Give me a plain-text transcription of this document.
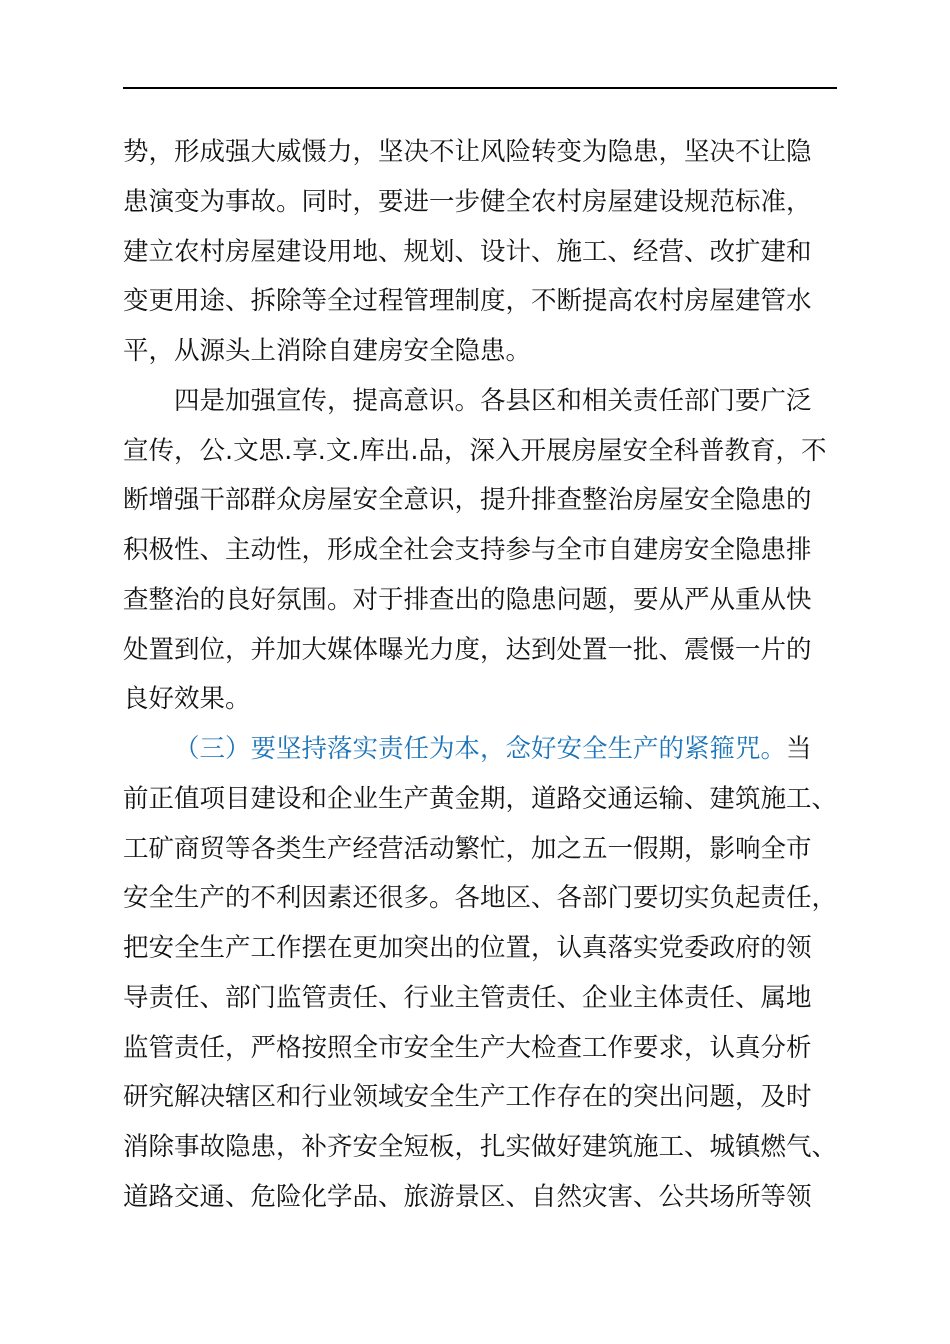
势，形成强大威慑力，坚决不让风险转变为隐患，坚决不让隐
患演变为事故。同时，要进一步健全农村房屋建设规范标准，
建立农村房屋建设用地、规划、设计、施工、经营、改扩建和
变更用途、拆除等全过程管理制度，不断提高农村房屋建管水
平，从源头上消除自建房安全隐患。
四是加强宣传，提高意识。各县区和相关责任部门要广泛
宣传，公.文思.享.文.库出.品，深入开展房屋安全科普教育，不
断增强干部群众房屋安全意识，提升排查整治房屋安全隐患的
积极性、主动性，形成全社会支持参与全市自建房安全隐患排
查整治的良好氛围。对于排查出的隐患问题，要从严从重从快
处置到位，并加大媒体曝光力度，达到处置一批、震慑一片的
良好效果。
（三）要坚持落实责任为本，念好安全生产的紧箍咒。当
前正值项目建设和企业生产黄金期，道路交通运输、建筑施工、
工矿商贸等各类生产经营活动繁忙，加之五一假期，影响全市
安全生产的不利因素还很多。各地区、各部门要切实负起责任，
把安全生产工作摆在更加突出的位置，认真落实党委政府的领
导责任、部门监管责任、行业主管责任、企业主体责任、属地
监管责任，严格按照全市安全生产大检查工作要求，认真分析
研究解决辖区和行业领域安全生产工作存在的突出问题，及时
消除事故隐患，补齐安全短板，扎实做好建筑施工、城镇燃气、
道路交通、危险化学品、旅游景区、自然灾害、公共场所等领
